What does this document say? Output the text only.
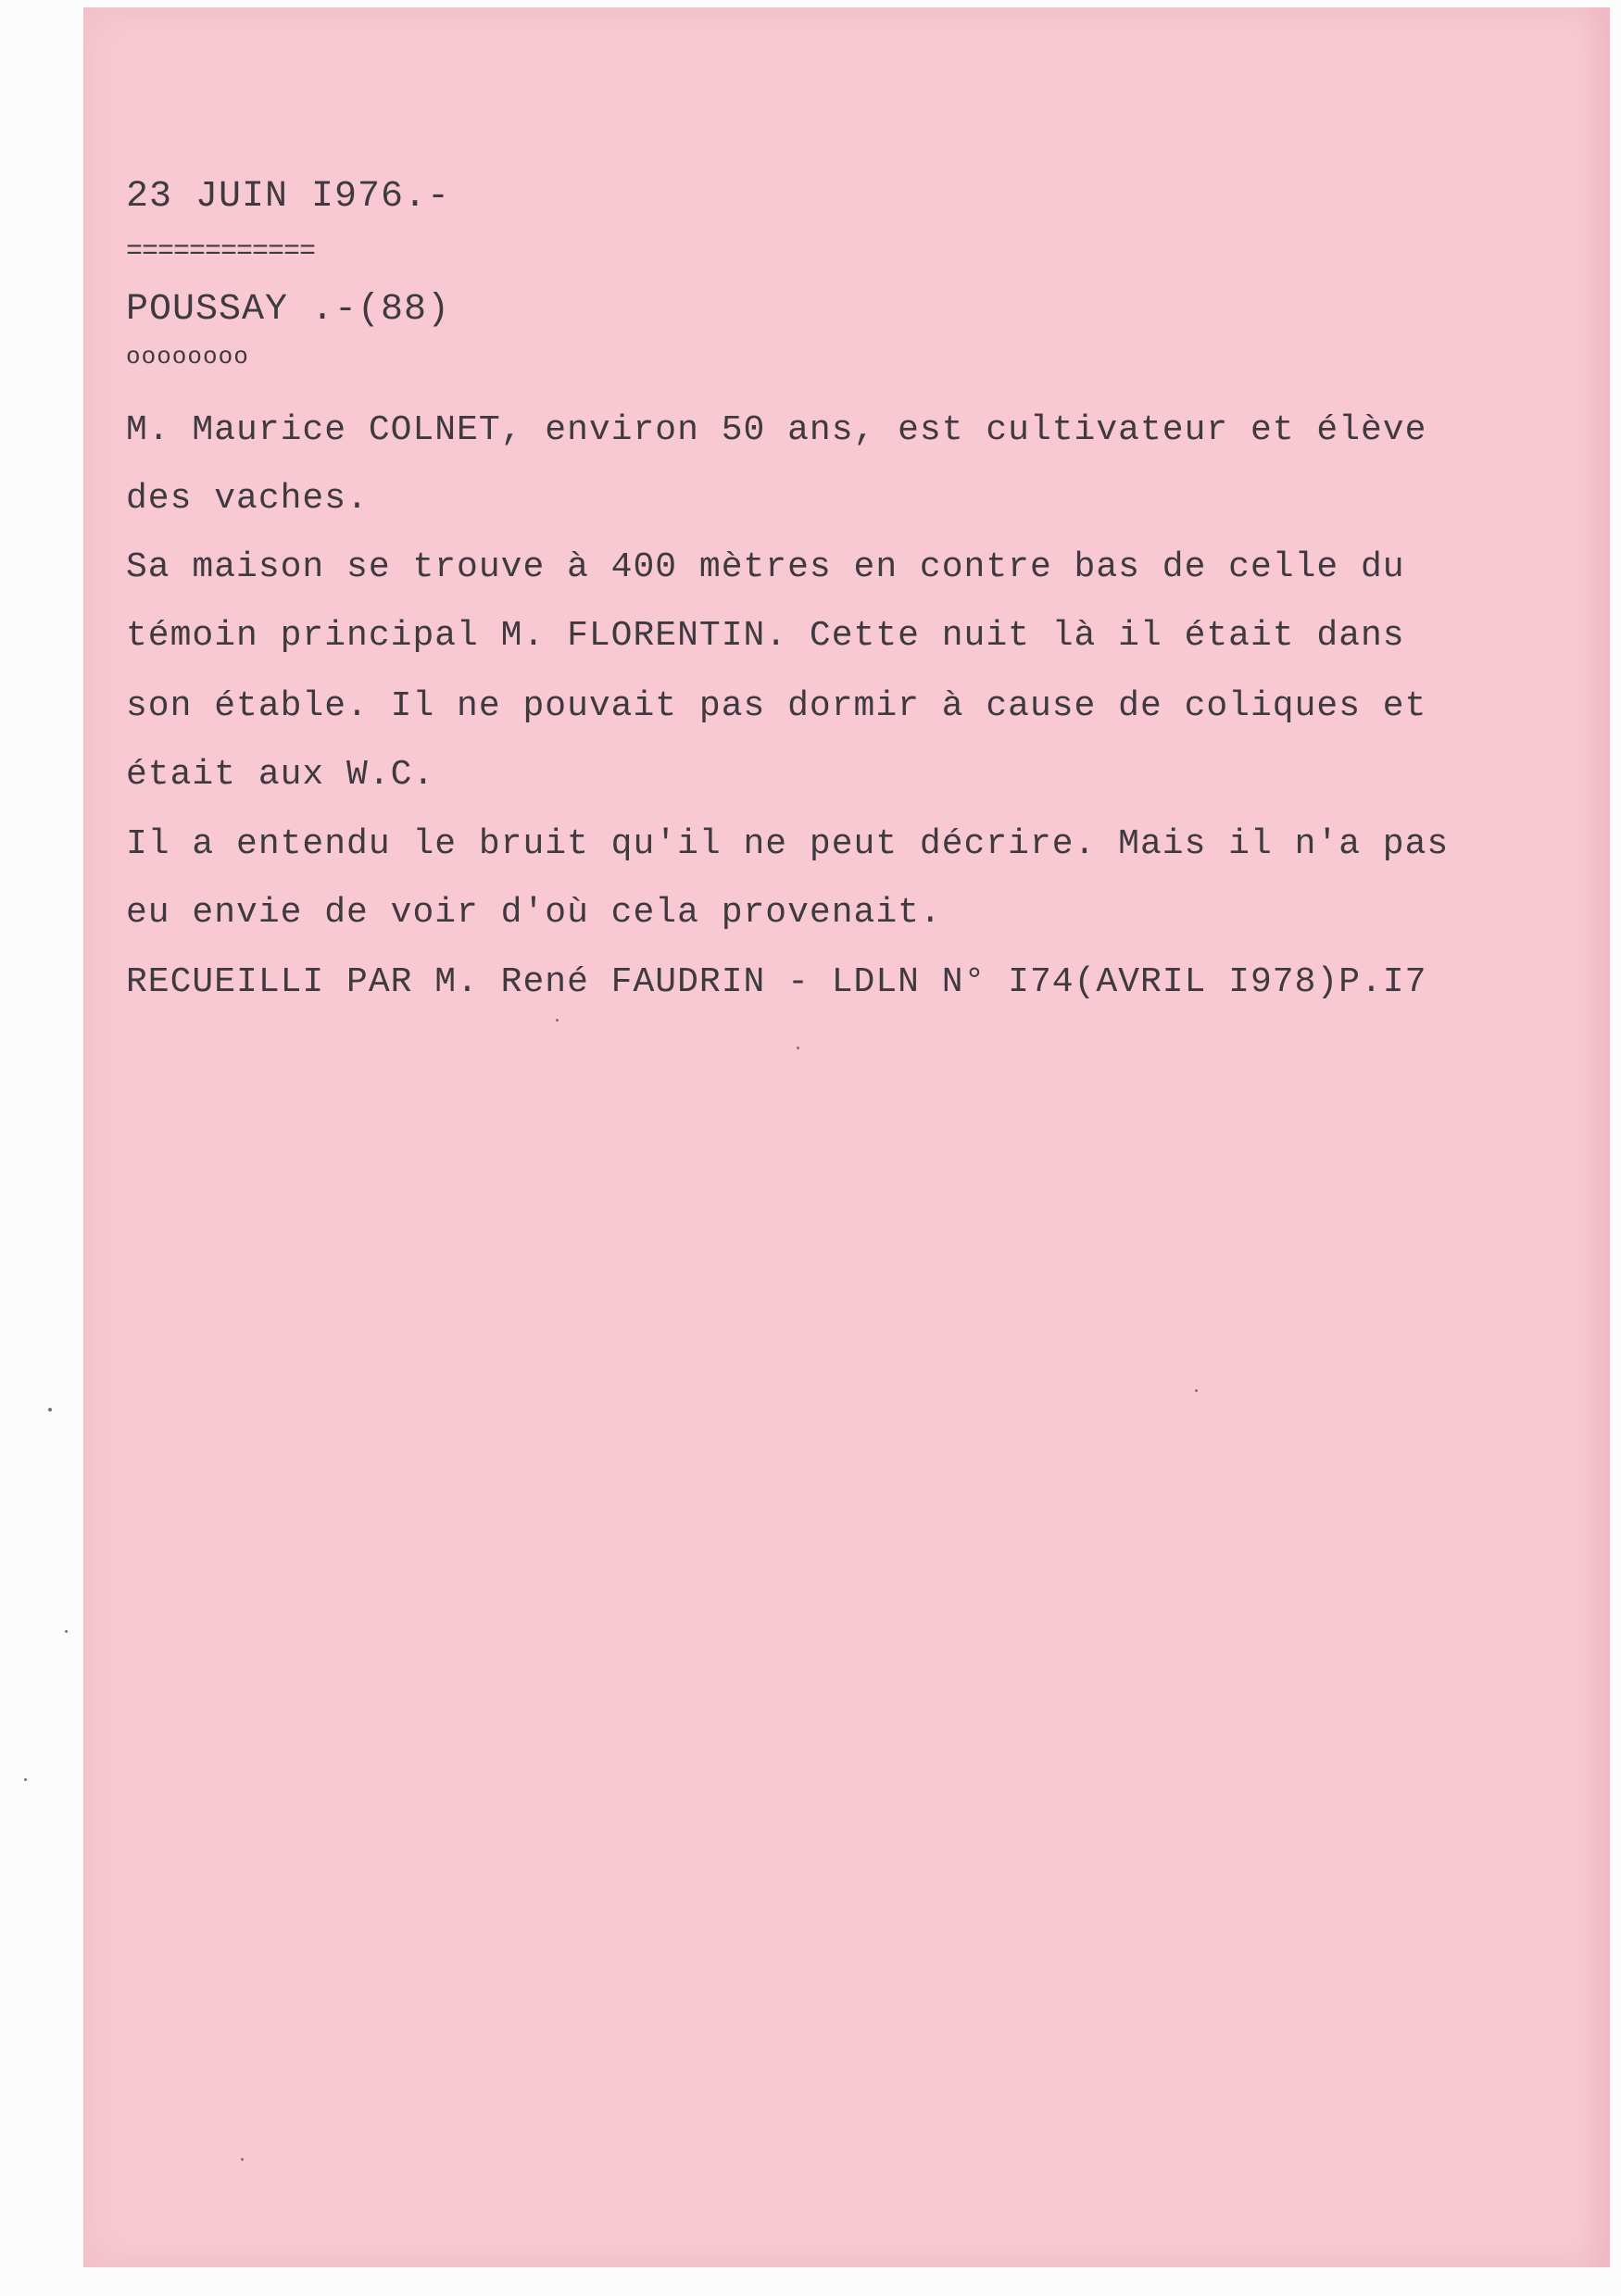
23 JUIN I976.-
============
POUSSAY .-(88)
oooooooo
M. Maurice COLNET, environ 50 ans, est cultivateur et élève
des vaches.
Sa maison se trouve à 400 mètres en contre bas de celle du
témoin principal M. FLORENTIN. Cette nuit là il était dans
son étable. Il ne pouvait pas dormir à cause de coliques et
était aux W.C.
Il a entendu le bruit qu'il ne peut décrire. Mais il n'a pas
eu envie de voir d'où cela provenait.
RECUEILLI PAR M. René FAUDRIN - LDLN N° I74(AVRIL I978)P.I7
